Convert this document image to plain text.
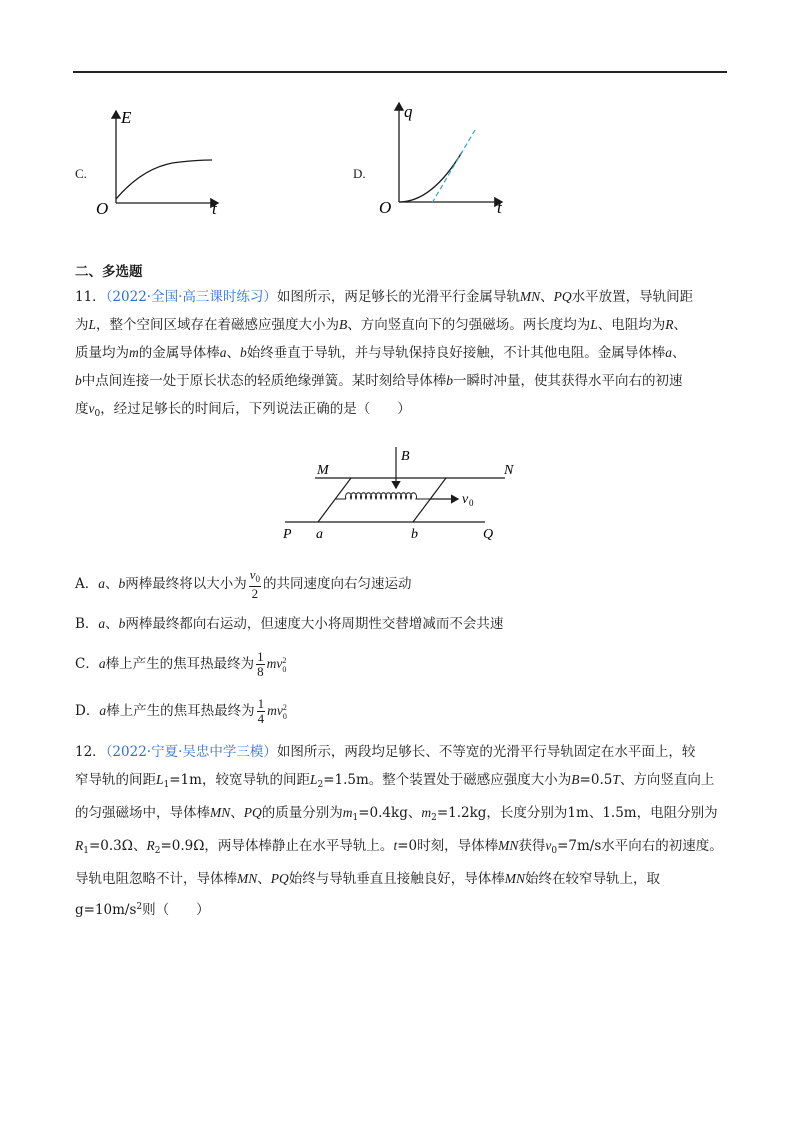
C.
E
O	t
D.
q
O	t
二、多选题

11．（2022·全国·高三课时练习）如图所示，两足够长的光滑平行金属导轨MN、PQ水平放置，导轨间距
为L，整个空间区域存在着磁感应强度大小为B、方向竖直向下的匀强磁场。两长度均为L、电阻均为R、
质量均为m的金属导体棒a、b始终垂直于导轨，并与导轨保持良好接触，不计其他电阻。金属导体棒a、
b中点间连接一处于原长状态的轻质绝缘弹簧。某时刻给导体棒b一瞬时冲量，使其获得水平向右的初速
度$v_0$，经过足够长的时间后，下列说法正确的是（　　）

M	N
P	Q
a	b
B
v 0
A．a、b两棒最终将以大小为 $\frac{v_0}{2}$ 的共同速度向右匀速运动
B．a、b两棒最终都向右运动，但速度大小将周期性交替增减而不会共速
C．a棒上产生的焦耳热最终为 $\frac{1}{8}$ mv 2
0
D．a棒上产生的焦耳热最终为 $\frac{1}{4}$ mv 2
0

12．（2022·宁夏·吴忠中学三模）如图所示，两段均足够长、不等宽的光滑平行导轨固定在水平面上，较
窄导轨的间距$L_1=1m$，较宽导轨的间距$L_2=1.5m$。整个装置处于磁感应强度大小为B=0.5T、方向竖直向上
的匀强磁场中，导体棒MN、PQ的质量分别为$m_1=0.4kg$、$m_2=1.2kg$，长度分别为1m、1.5m，电阻分别为
$R_1=0.3\Omega$、$R_2=0.9\Omega$，两导体棒静止在水平导轨上。t=0时刻，导体棒MN获得$v_0=7m/s$水平向右的初速度。
导轨电阻忽略不计，导体棒MN、PQ始终与导轨垂直且接触良好，导体棒MN始终在较窄导轨上，取
$g=10m/s^2$则（　　）
